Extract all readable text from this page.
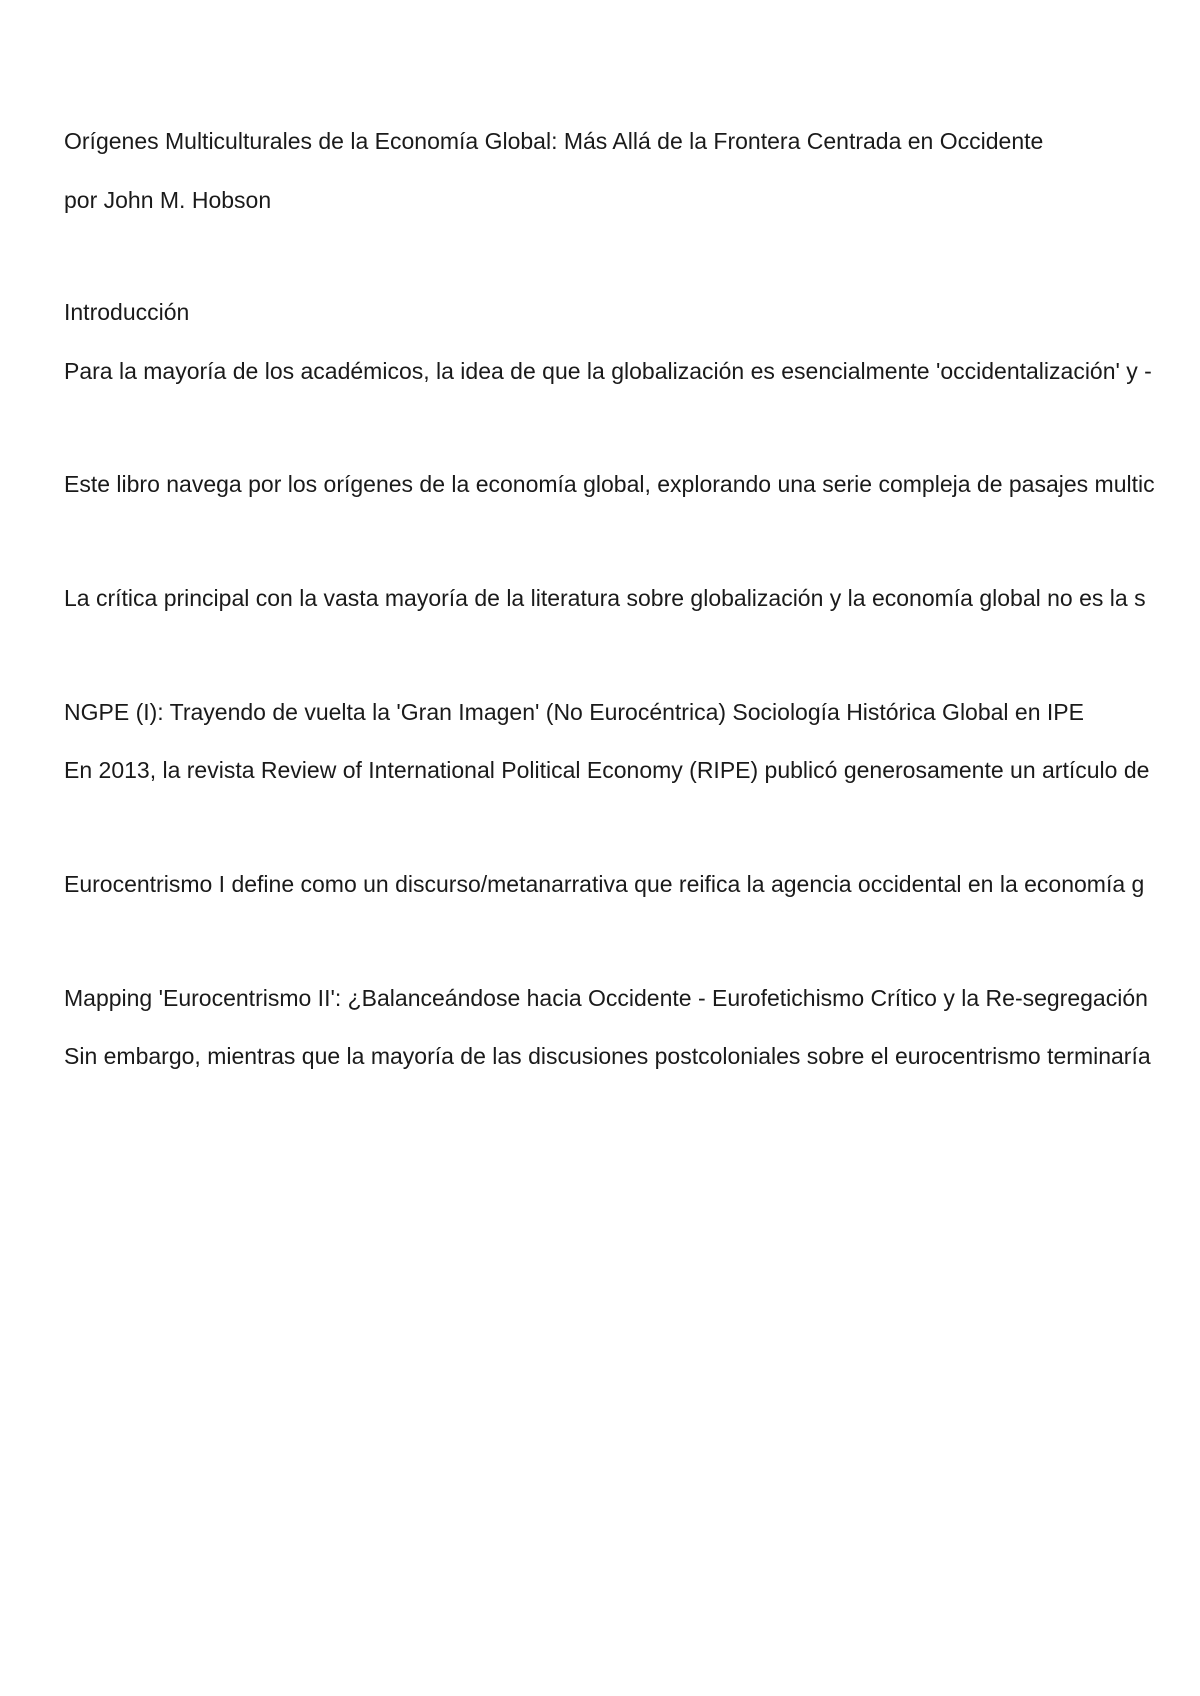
Orígenes Multiculturales de la Economía Global: Más Allá de la Frontera Centrada en Occidente

por John M. Hobson

Introducción

Para la mayoría de los académicos, la idea de que la globalización es esencialmente 'occidentalización' y -

Este libro navega por los orígenes de la economía global, explorando una serie compleja de pasajes multic

La crítica principal con la vasta mayoría de la literatura sobre globalización y la economía global no es la s

NGPE (I): Trayendo de vuelta la 'Gran Imagen' (No Eurocéntrica) Sociología Histórica Global en IPE

En 2013, la revista Review of International Political Economy (RIPE) publicó generosamente un artículo de

Eurocentrismo I define como un discurso/metanarrativa que reifica la agencia occidental en la economía g

Mapping 'Eurocentrismo II': ¿Balanceándose hacia Occidente - Eurofetichismo Crítico y la Re-segregación

Sin embargo, mientras que la mayoría de las discusiones postcoloniales sobre el eurocentrismo terminaría
